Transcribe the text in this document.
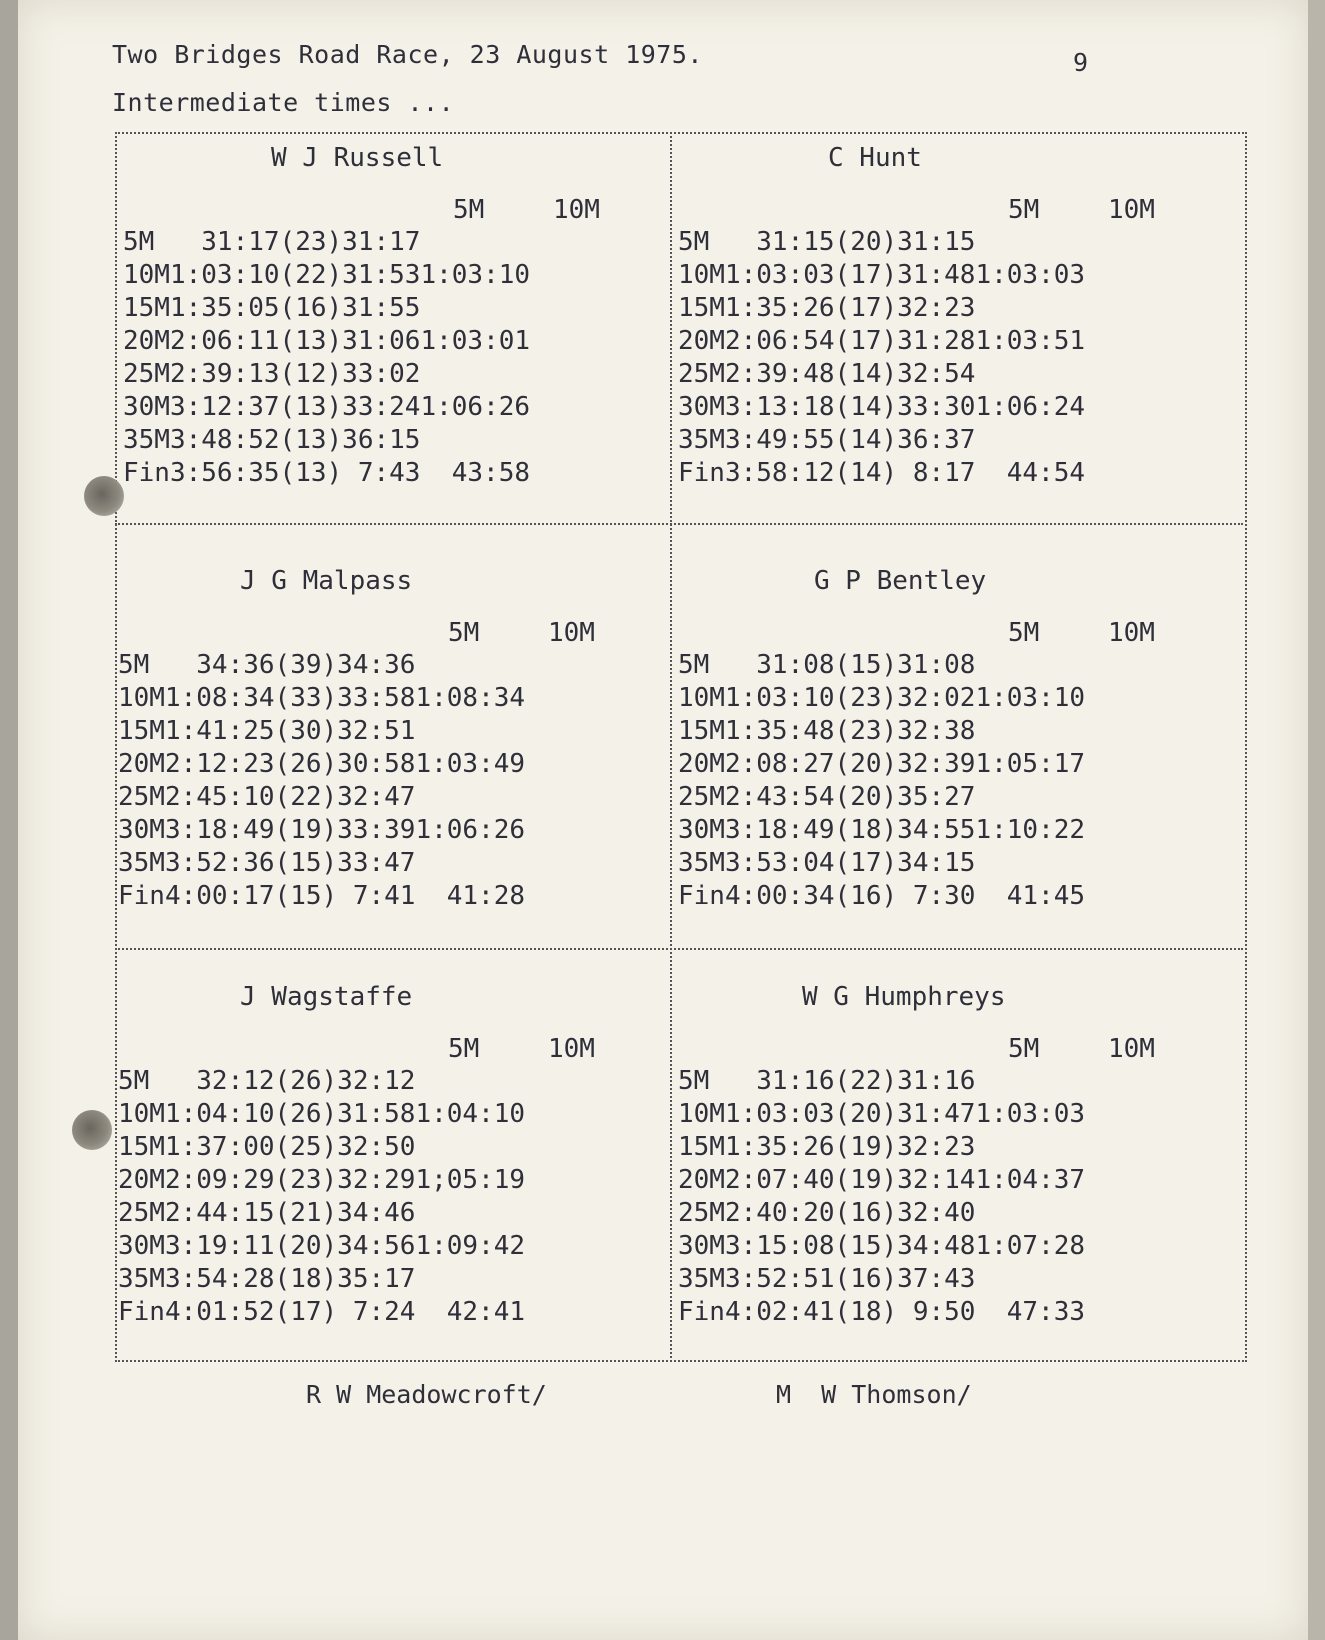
Two Bridges Road Race, 23 August 1975.
Intermediate times ...
9
W J Russell
5M	10M
5M	31:17	(23)	31:17	
10M	1:03:10	(22)	31:53	1:03:10
15M	1:35:05	(16)	31:55	
20M	2:06:11	(13)	31:06	1:03:01
25M	2:39:13	(12)	33:02	
30M	3:12:37	(13)	33:24	1:06:26
35M	3:48:52	(13)	36:15	
Fin	3:56:35	(13)	7:43	43:58
C Hunt
5M	10M
5M	31:15	(20)	31:15	
10M	1:03:03	(17)	31:48	1:03:03
15M	1:35:26	(17)	32:23	
20M	2:06:54	(17)	31:28	1:03:51
25M	2:39:48	(14)	32:54	
30M	3:13:18	(14)	33:30	1:06:24
35M	3:49:55	(14)	36:37	
Fin	3:58:12	(14)	8:17	44:54
J G Malpass
5M	10M
5M	34:36	(39)	34:36	
10M	1:08:34	(33)	33:58	1:08:34
15M	1:41:25	(30)	32:51	
20M	2:12:23	(26)	30:58	1:03:49
25M	2:45:10	(22)	32:47	
30M	3:18:49	(19)	33:39	1:06:26
35M	3:52:36	(15)	33:47	
Fin	4:00:17	(15)	7:41	41:28
G P Bentley
5M	10M
5M	31:08	(15)	31:08	
10M	1:03:10	(23)	32:02	1:03:10
15M	1:35:48	(23)	32:38	
20M	2:08:27	(20)	32:39	1:05:17
25M	2:43:54	(20)	35:27	
30M	3:18:49	(18)	34:55	1:10:22
35M	3:53:04	(17)	34:15	
Fin	4:00:34	(16)	7:30	41:45
J Wagstaffe
5M	10M
5M	32:12	(26)	32:12	
10M	1:04:10	(26)	31:58	1:04:10
15M	1:37:00	(25)	32:50	
20M	2:09:29	(23)	32:29	1;05:19
25M	2:44:15	(21)	34:46	
30M	3:19:11	(20)	34:56	1:09:42
35M	3:54:28	(18)	35:17	
Fin	4:01:52	(17)	7:24	42:41
W G Humphreys
5M	10M
5M	31:16	(22)	31:16	
10M	1:03:03	(20)	31:47	1:03:03
15M	1:35:26	(19)	32:23	
20M	2:07:40	(19)	32:14	1:04:37
25M	2:40:20	(16)	32:40	
30M	3:15:08	(15)	34:48	1:07:28
35M	3:52:51	(16)	37:43	
Fin	4:02:41	(18)	9:50	47:33
R W Meadowcroft/	M  W Thomson/
